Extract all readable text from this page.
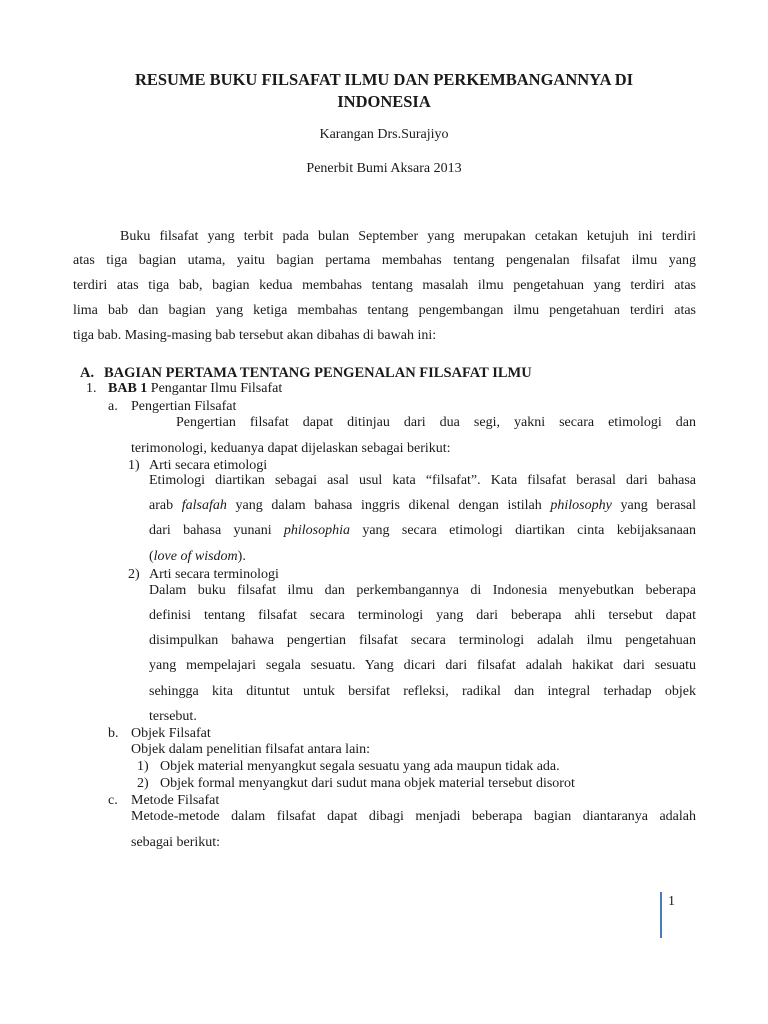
RESUME BUKU FILSAFAT ILMU DAN PERKEMBANGANNYA DI
INDONESIA
Karangan Drs.Surajiyo
Penerbit Bumi Aksara 2013
Buku filsafat yang terbit pada bulan September yang merupakan cetakan ketujuh ini terdiri
atas tiga bagian utama, yaitu bagian pertama membahas tentang pengenalan filsafat ilmu yang
terdiri atas tiga bab, bagian kedua membahas tentang masalah ilmu pengetahuan yang terdiri atas
lima bab dan bagian yang ketiga membahas tentang pengembangan ilmu pengetahuan terdiri atas
tiga bab. Masing-masing bab tersebut akan dibahas di bawah ini:
A. BAGIAN PERTAMA TENTANG PENGENALAN FILSAFAT ILMU
1. BAB 1 Pengantar Ilmu Filsafat
a. Pengertian Filsafat
Pengertian filsafat dapat ditinjau dari dua segi, yakni secara etimologi dan
terimonologi, keduanya dapat dijelaskan sebagai berikut:
1) Arti secara etimologi
Etimologi diartikan sebagai asal usul kata “filsafat”. Kata filsafat berasal dari bahasa
arab falsafah yang dalam bahasa inggris dikenal dengan istilah philosophy yang berasal
dari bahasa yunani philosophia yang secara etimologi diartikan cinta kebijaksanaan
(love of wisdom).
2) Arti secara terminologi
Dalam buku filsafat ilmu dan perkembangannya di Indonesia menyebutkan beberapa
definisi tentang filsafat secara terminologi yang dari beberapa ahli tersebut dapat
disimpulkan bahawa pengertian filsafat secara terminologi adalah ilmu pengetahuan
yang mempelajari segala sesuatu. Yang dicari dari filsafat adalah hakikat dari sesuatu
sehingga kita dituntut untuk bersifat refleksi, radikal dan integral terhadap objek
tersebut.
b. Objek Filsafat
Objek dalam penelitian filsafat antara lain:
1) Objek material menyangkut segala sesuatu yang ada maupun tidak ada.
2) Objek formal menyangkut dari sudut mana objek material tersebut disorot
c. Metode Filsafat
Metode-metode dalam filsafat dapat dibagi menjadi beberapa bagian diantaranya adalah
sebagai berikut:
1
